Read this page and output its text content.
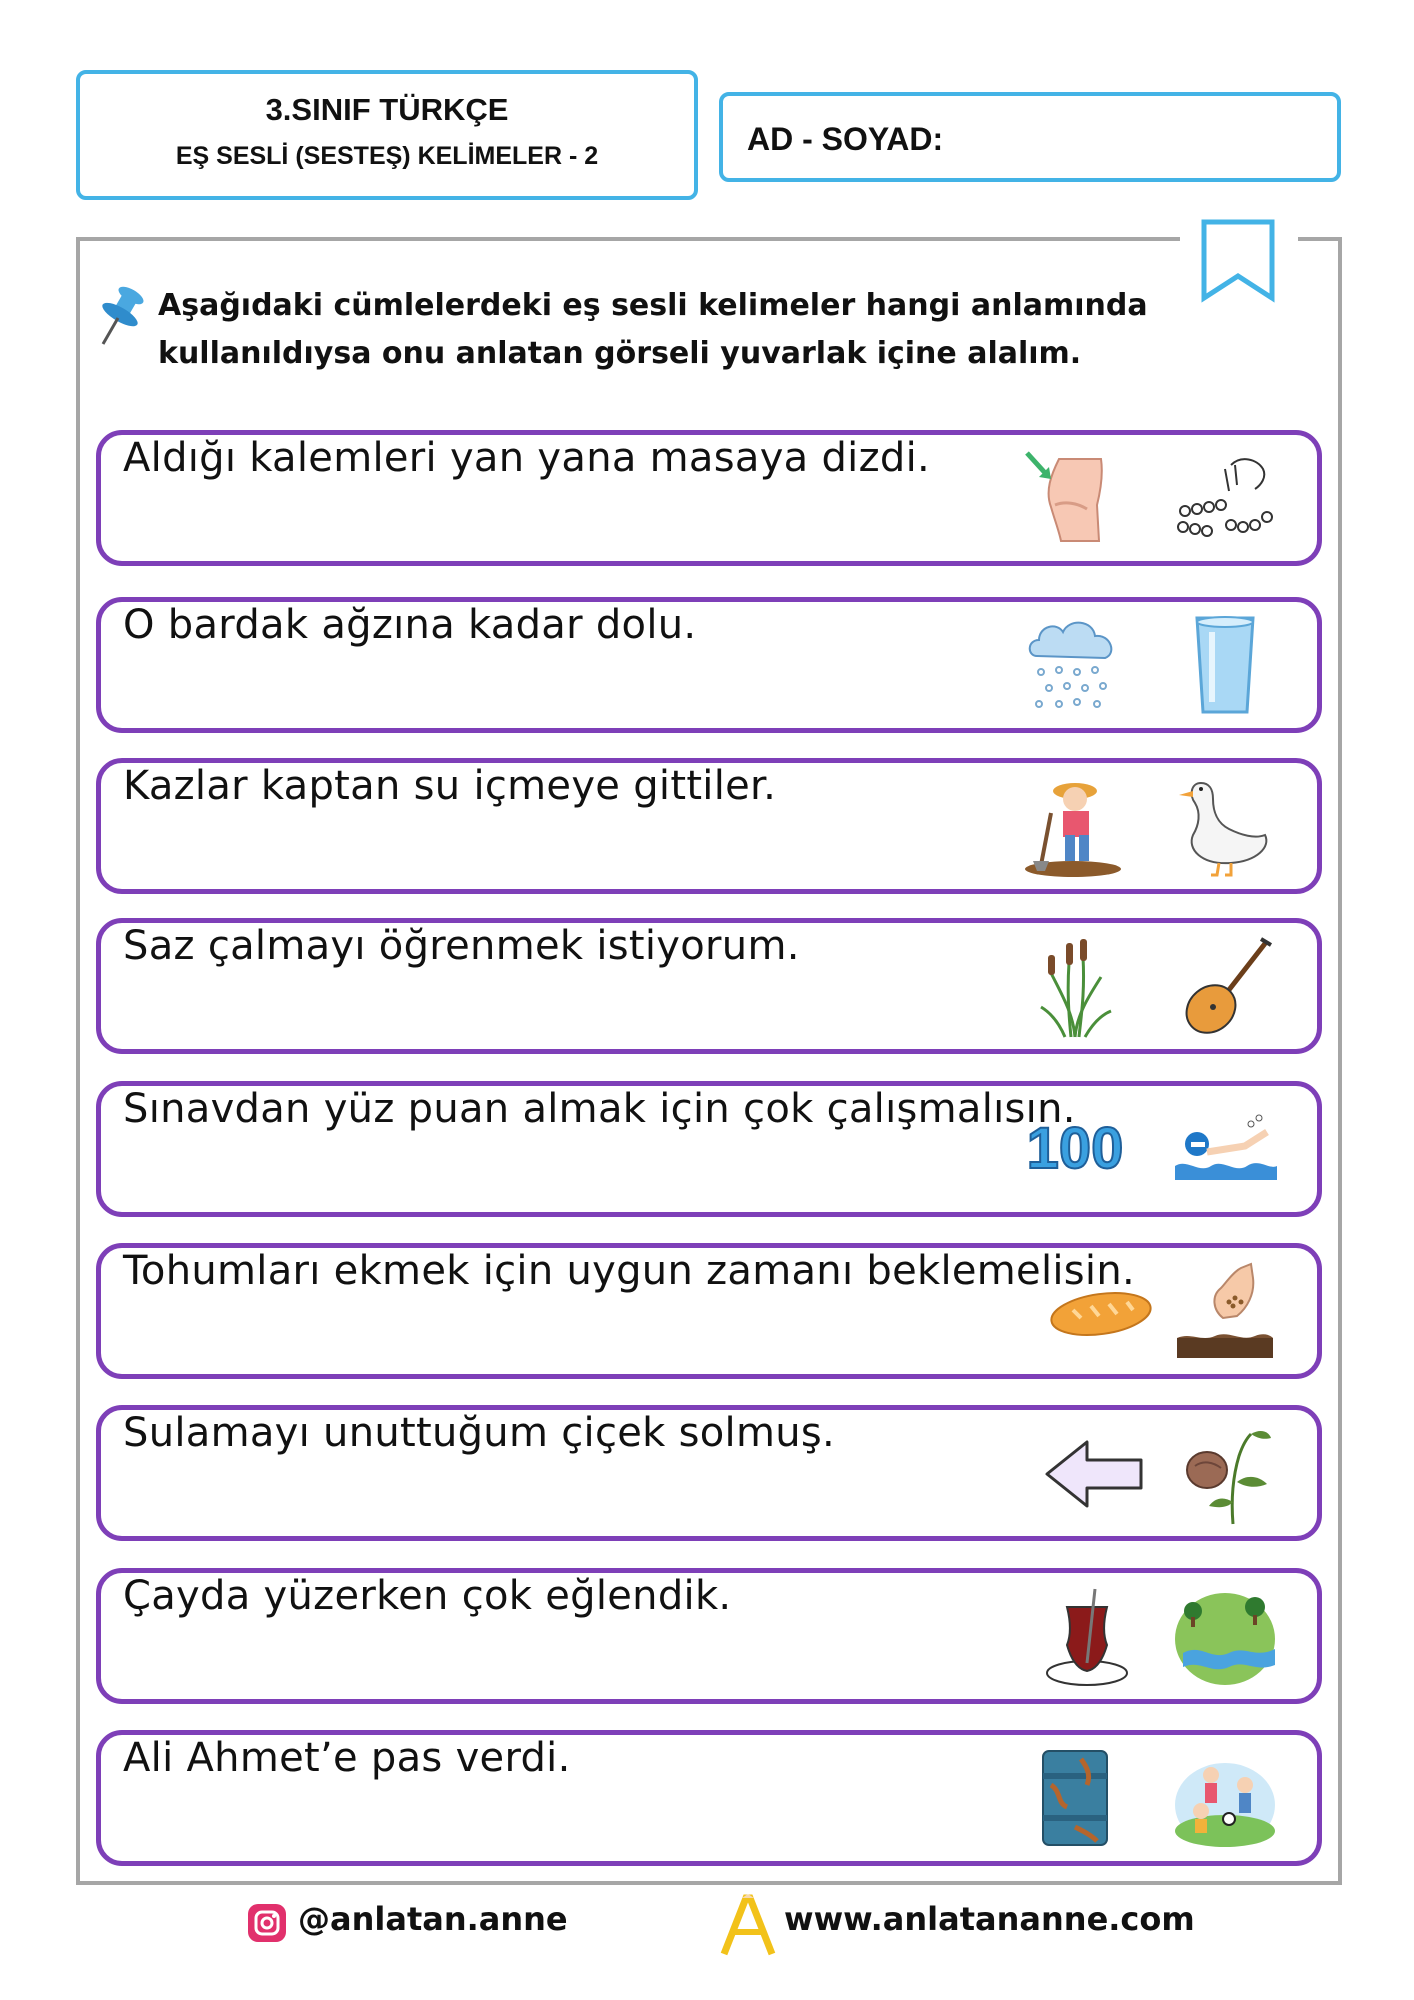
3.SINIF TÜRKÇE
EŞ SESLİ (SESTEŞ) KELİMELER - 2	AD - SOYAD:
Aşağıdaki cümlelerdeki eş sesli kelimeler hangi anlamında
kullanıldıysa onu anlatan görseli yuvarlak içine alalım.
Aldığı kalemleri yan yana masaya dizdi.
O bardak ağzına kadar dolu.
Kazlar kaptan su içmeye gittiler.
Saz çalmayı öğrenmek istiyorum.
Sınavdan yüz puan almak için çok çalışmalısın.
100
Tohumları ekmek için uygun zamanı beklemelisin.
Sulamayı unuttuğum çiçek solmuş.
Çayda yüzerken çok eğlendik.
Ali Ahmet’e pas verdi.
@anlatan.anne	www.anlatananne.com
